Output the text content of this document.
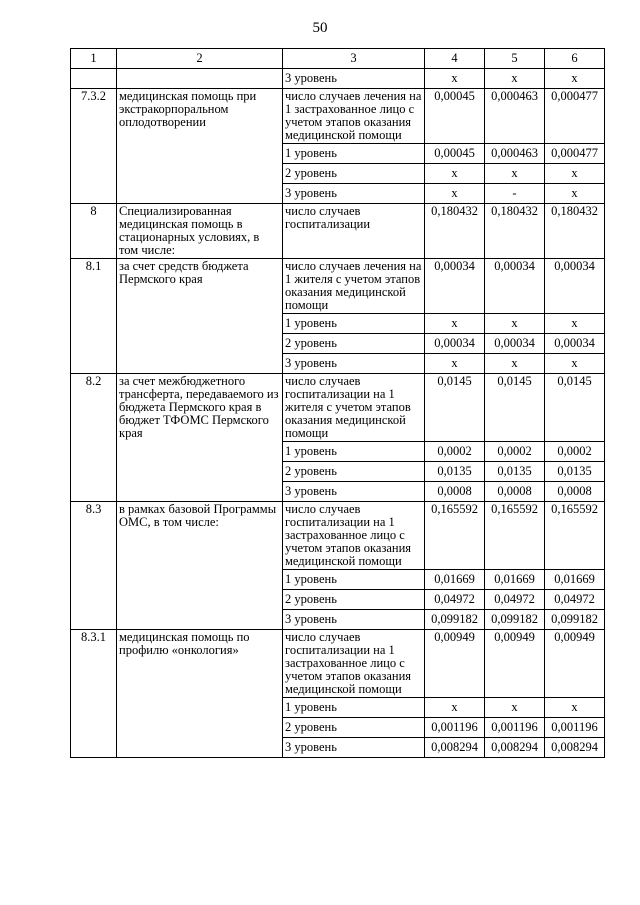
50
1	2	3	4	5	6
		3 уровень	х	х	х
7.3.2	медицинская помощь при экстракорпоральном оплодотворении	число случаев лечения на 1 застрахованное лицо с учетом этапов оказания медицинской помощи	0,00045	0,000463	0,000477
		1 уровень	0,00045	0,000463	0,000477
		2 уровень	х	х	х
		3 уровень	х	-	х
8	Специализированная медицинская помощь в стационарных условиях, в том числе:	число случаев госпитализации	0,180432	0,180432	0,180432
8.1	за счет средств бюджета Пермского края	число случаев лечения на 1 жителя с учетом этапов оказания медицинской помощи	0,00034	0,00034	0,00034
		1 уровень	х	х	х
		2 уровень	0,00034	0,00034	0,00034
		3 уровень	х	х	х
8.2	за счет межбюджетного трансферта, передаваемого из бюджета Пермского края в бюджет ТФОМС Пермского края	число случаев госпитализации на 1 жителя с учетом этапов оказания медицинской помощи	0,0145	0,0145	0,0145
		1 уровень	0,0002	0,0002	0,0002
		2 уровень	0,0135	0,0135	0,0135
		3 уровень	0,0008	0,0008	0,0008
8.3	в рамках базовой Программы ОМС, в том числе:	число случаев госпитализации на 1 застрахованное лицо с учетом этапов оказания медицинской помощи	0,165592	0,165592	0,165592
		1 уровень	0,01669	0,01669	0,01669
		2 уровень	0,04972	0,04972	0,04972
		3 уровень	0,099182	0,099182	0,099182
8.3.1	медицинская помощь по профилю «онкология»	число случаев госпитализации на 1 застрахованное лицо с учетом этапов оказания медицинской помощи	0,00949	0,00949	0,00949
		1 уровень	х	х	х
		2 уровень	0,001196	0,001196	0,001196
		3 уровень	0,008294	0,008294	0,008294
